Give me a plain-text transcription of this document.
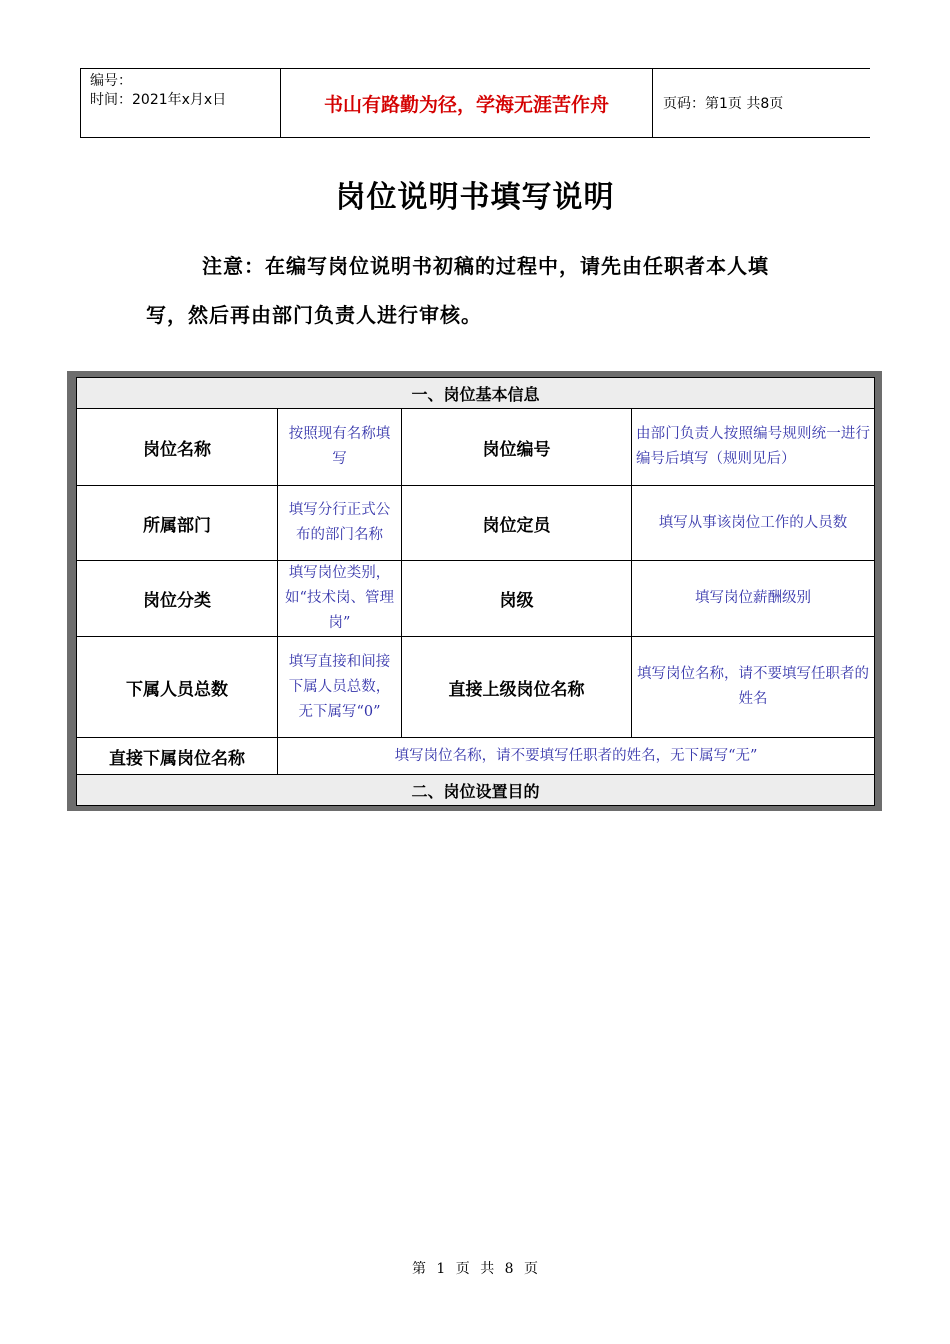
编号：
时间：2021年x月x日	书山有路勤为径，学海无涯苦作舟	页码：第1页 共8页
岗位说明书填写说明
注意：在编写岗位说明书初稿的过程中，请先由任职者本人填
写，然后再由部门负责人进行审核。
一、岗位基本信息			
岗位名称	按照现有名称填写	岗位编号	由部门负责人按照编号规则统一进行编号后填写（规则见后）
所属部门	填写分行正式公布的部门名称	岗位定员	填写从事该岗位工作的人员数
岗位分类	填写岗位类别，如“技术岗、管理岗”	岗级	填写岗位薪酬级别
下属人员总数	填写直接和间接下属人员总数，无下属写“0”	直接上级岗位名称	填写岗位名称，请不要填写任职者的姓名
直接下属岗位名称	填写岗位名称，请不要填写任职者的姓名，无下属写“无”		
二、岗位设置目的			
第 1 页 共 8 页
